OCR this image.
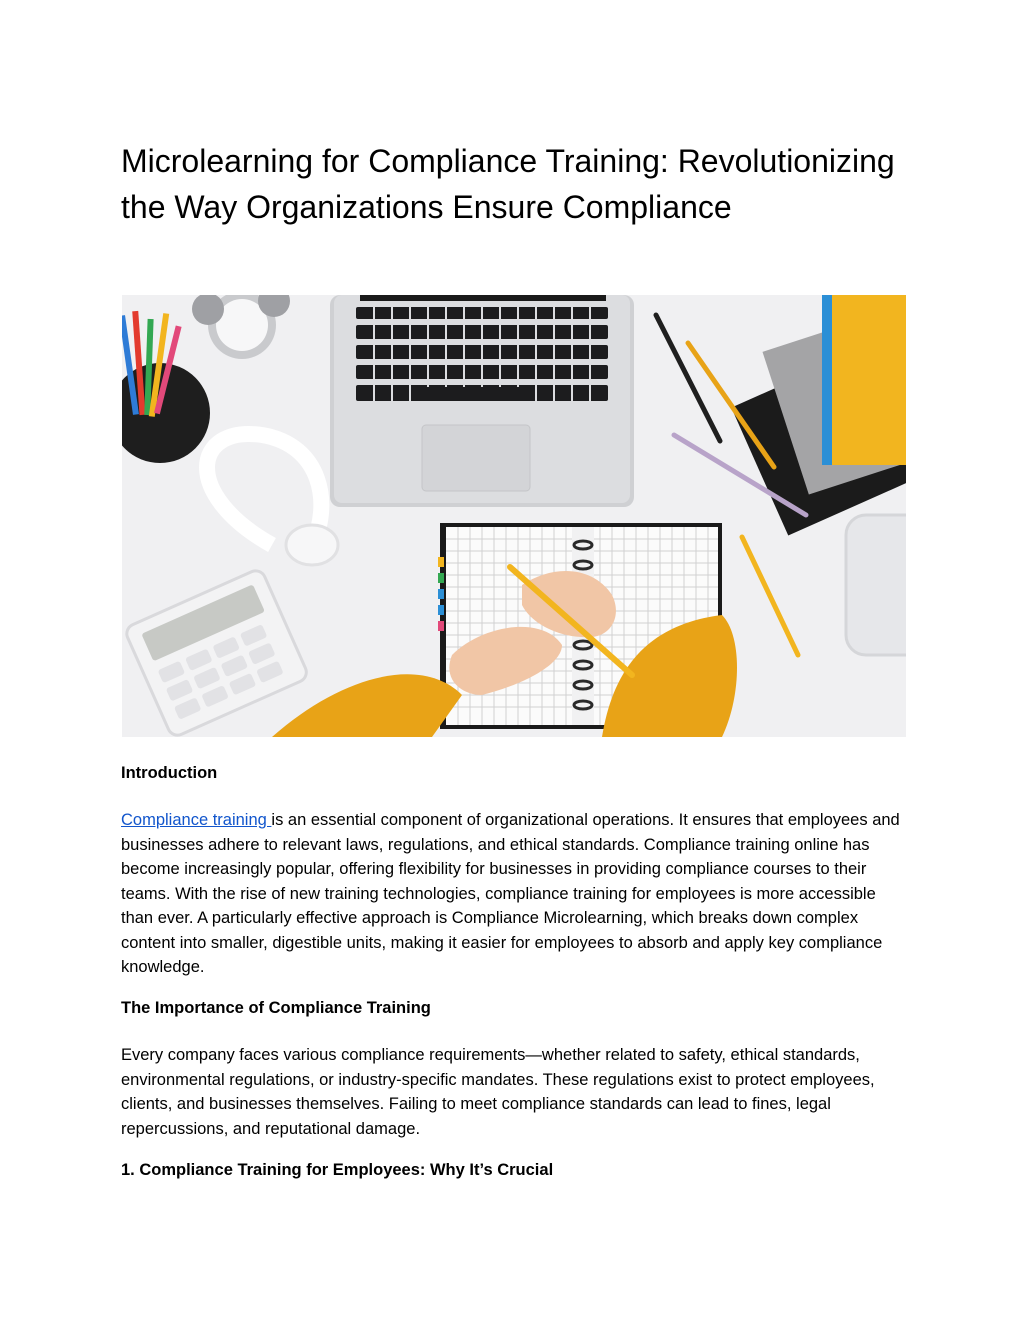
Microlearning for Compliance Training: Revolutionizing the Way Organizations Ensure Compliance
Introduction

Compliance training is an essential component of organizational operations. It ensures that employees and businesses adhere to relevant laws, regulations, and ethical standards. Compliance training online has become increasingly popular, offering flexibility for businesses in providing compliance courses to their teams. With the rise of new training technologies, compliance training for employees is more accessible than ever. A particularly effective approach is Compliance Microlearning, which breaks down complex content into smaller, digestible units, making it easier for employees to absorb and apply key compliance knowledge.

The Importance of Compliance Training

Every company faces various compliance requirements—whether related to safety, ethical standards, environmental regulations, or industry-specific mandates. These regulations exist to protect employees, clients, and businesses themselves. Failing to meet compliance standards can lead to fines, legal repercussions, and reputational damage.

1. Compliance Training for Employees: Why It’s Crucial
